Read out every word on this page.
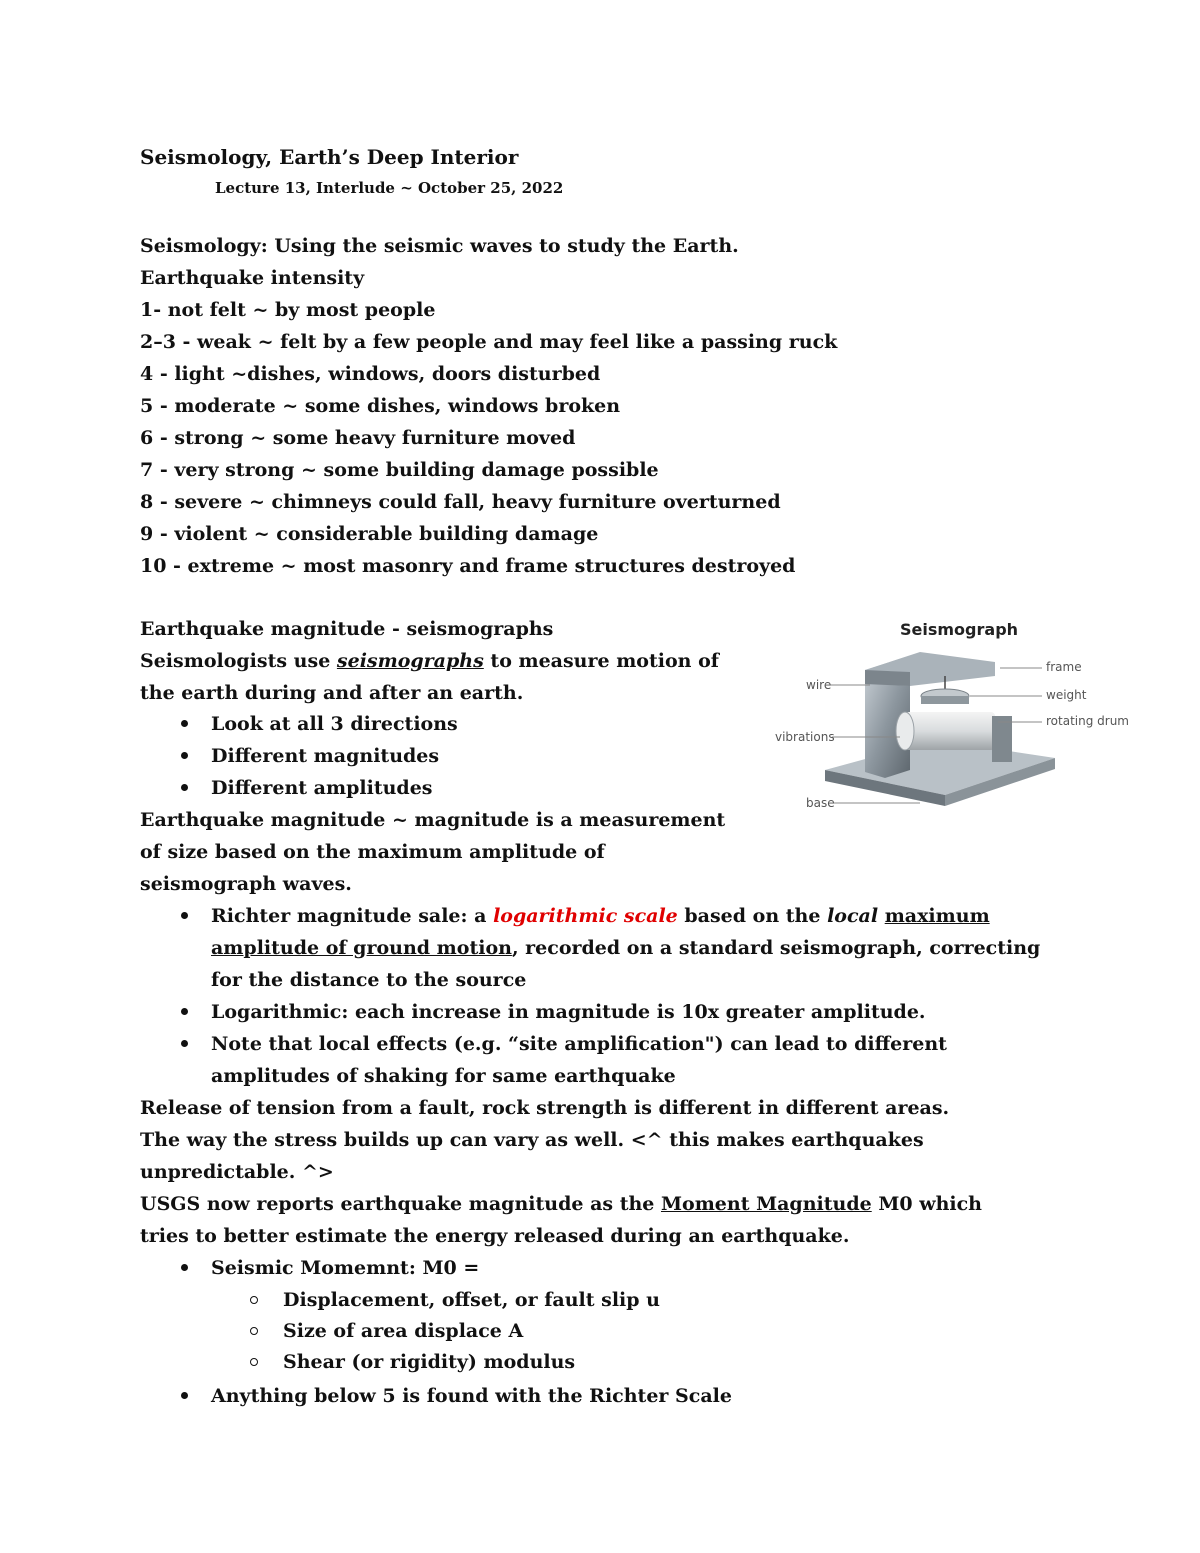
Seismology, Earth’s Deep Interior
Lecture 13, Interlude ~ October 25, 2022
Seismology: Using the seismic waves to study the Earth.
Earthquake intensity
1- not felt ~ by most people
2–3 - weak ~ felt by a few people and may feel like a passing ruck
4 - light ~dishes, windows, doors disturbed
5 - moderate ~ some dishes, windows broken
6 - strong ~ some heavy furniture moved
7 - very strong ~ some building damage possible
8 - severe ~ chimneys could fall, heavy furniture overturned
9 - violent ~ considerable building damage
10 - extreme ~ most masonry and frame structures destroyed
Earthquake magnitude - seismographs
Seismologists use seismographs to measure motion of
the earth during and after an earth.
Look at all 3 directions
Different magnitudes
Different amplitudes
Earthquake magnitude ~ magnitude is a measurement
of size based on the maximum amplitude of
seismograph waves.
Richter magnitude sale: a logarithmic scale based on the local maximum
amplitude of ground motion, recorded on a standard seismograph, correcting
for the distance to the source
Logarithmic: each increase in magnitude is 10x greater amplitude.
Note that local effects (e.g. “site amplification") can lead to different
amplitudes of shaking for same earthquake
Release of tension from a fault, rock strength is different in different areas.
The way the stress builds up can vary as well. <^ this makes earthquakes
unpredictable. ^>
USGS now reports earthquake magnitude as the Moment Magnitude M0 which
tries to better estimate the energy released during an earthquake.
Seismic Momemnt: M0 =
Displacement, offset, or fault slip u
Size of area displace A
Shear (or rigidity) modulus
Anything below 5 is found with the Richter Scale
Seismograph
wire
vibrations
base
frame
weight
rotating drum
